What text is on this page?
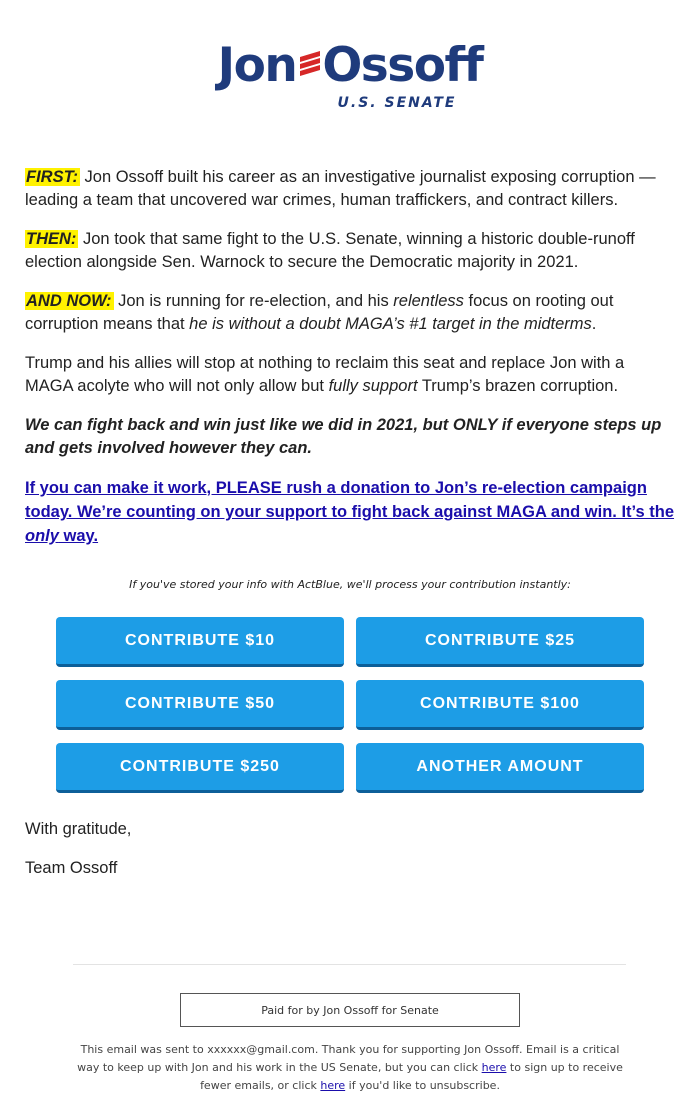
Jon Ossoff
U.S. SENATE

FIRST: Jon Ossoff built his career as an investigative journalist exposing corruption — leading a team that uncovered war crimes, human traffickers, and contract killers.

THEN: Jon took that same fight to the U.S. Senate, winning a historic double-runoff election alongside Sen. Warnock to secure the Democratic majority in 2021.

AND NOW: Jon is running for re-election, and his relentless focus on rooting out corruption means that he is without a doubt MAGA’s #1 target in the midterms.

Trump and his allies will stop at nothing to reclaim this seat and replace Jon with a MAGA acolyte who will not only allow but fully support Trump’s brazen corruption.

We can fight back and win just like we did in 2021, but ONLY if everyone steps up and gets involved however they can.

If you can make it work, PLEASE rush a donation to Jon’s re-election campaign today. We’re counting on your support to fight back against MAGA and win. It’s the only way.

If you've stored your info with ActBlue, we'll process your contribution instantly:
CONTRIBUTE $10	CONTRIBUTE $25
CONTRIBUTE $50	CONTRIBUTE $100
CONTRIBUTE $250	ANOTHER AMOUNT

With gratitude,

Team Ossoff

Paid for by Jon Ossoff for Senate
This email was sent to xxxxxx@gmail.com. Thank you for supporting Jon Ossoff. Email is a critical way to keep up with Jon and his work in the US Senate, but you can click here to sign up to receive fewer emails, or click here if you'd like to unsubscribe.
